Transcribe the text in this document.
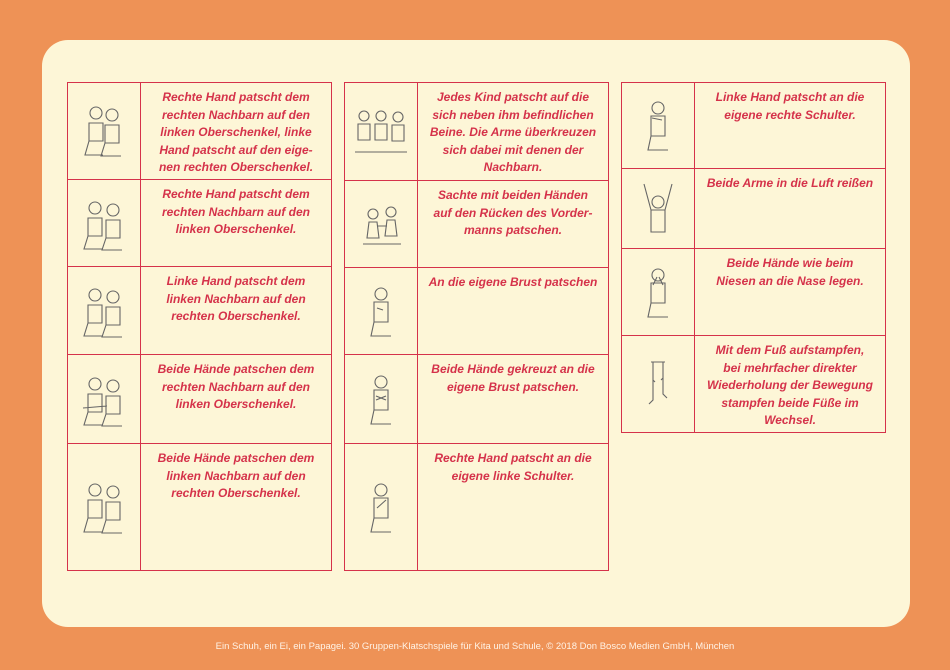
Rechte Hand patscht dem
rechten Nachbarn auf den
linken Oberschenkel, linke
Hand patscht auf den eige-
nen rechten Oberschenkel.
Rechte Hand patscht dem
rechten Nachbarn auf den
linken Oberschenkel.
Linke Hand patscht dem
linken Nachbarn auf den
rechten Oberschenkel.
Beide Hände patschen dem
rechten Nachbarn auf den
linken Oberschenkel.
Beide Hände patschen dem
linken Nachbarn auf den
rechten Oberschenkel.
Jedes Kind patscht auf die
sich neben ihm befindlichen
Beine. Die Arme überkreuzen
sich dabei mit denen der
Nachbarn.
Sachte mit beiden Händen
auf den Rücken des Vorder-
manns patschen.
An die eigene Brust patschen
Beide Hände gekreuzt an die
eigene Brust patschen.
Rechte Hand patscht an die
eigene linke Schulter.
Linke Hand patscht an die
eigene rechte Schulter.
Beide Arme in die Luft reißen
Beide Hände wie beim
Niesen an die Nase legen.
Mit dem Fuß aufstampfen,
bei mehrfacher direkter
Wiederholung der Bewegung
stampfen beide Füße im
Wechsel.
Ein Schuh, ein Ei, ein Papagei. 30 Gruppen-Klatschspiele für Kita und Schule, © 2018 Don Bosco Medien GmbH, München
